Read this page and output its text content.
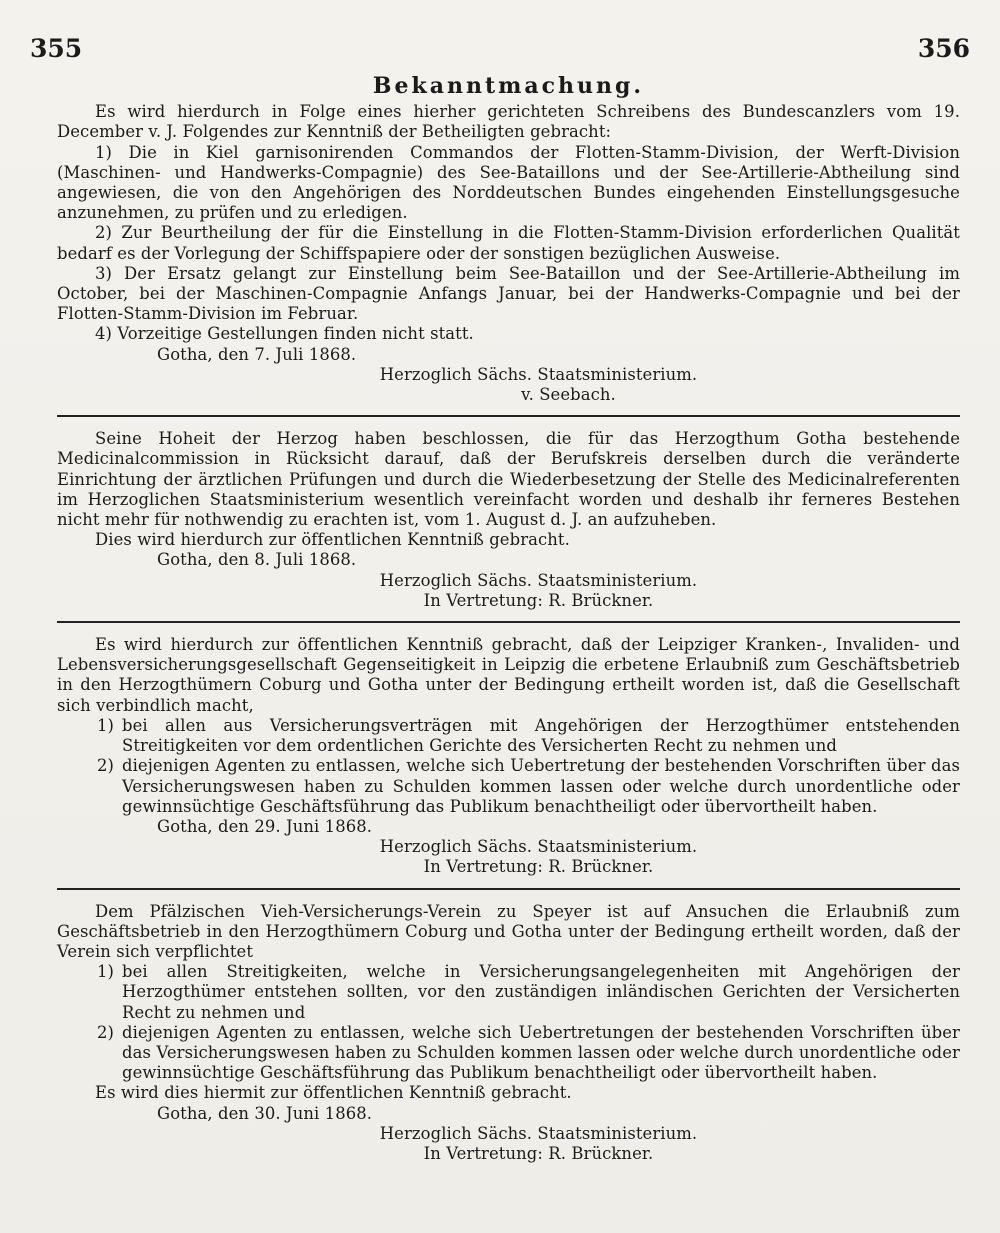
355	356
Bekanntmachung.

Es wird hierdurch in Folge eines hierher gerichteten Schreibens des Bundescanzlers vom 19. December v. J. Folgendes zur Kenntniß der Betheiligten gebracht:

1) Die in Kiel garnisonirenden Commandos der Flotten-Stamm-Division, der Werft-Division (Maschinen- und Handwerks-Compagnie) des See-Bataillons und der See-Artillerie-Abtheilung sind angewiesen, die von den Angehörigen des Norddeutschen Bundes eingehenden Einstellungsgesuche anzunehmen, zu prüfen und zu erledigen.

2) Zur Beurtheilung der für die Einstellung in die Flotten-Stamm-Division erforderlichen Qualität bedarf es der Vorlegung der Schiffspapiere oder der sonstigen bezüglichen Ausweise.

3) Der Ersatz gelangt zur Einstellung beim See-Bataillon und der See-Artillerie-Abtheilung im October, bei der Maschinen-Compagnie Anfangs Januar, bei der Handwerks-Compagnie und bei der Flotten-Stamm-Division im Februar.

4) Vorzeitige Gestellungen finden nicht statt.

Gotha, den 7. Juli 1868.

Herzoglich Sächs. Staatsministerium.

v. Seebach.

Seine Hoheit der Herzog haben beschlossen, die für das Herzogthum Gotha bestehende Medicinalcommission in Rücksicht darauf, daß der Berufskreis derselben durch die veränderte Einrichtung der ärztlichen Prüfungen und durch die Wiederbesetzung der Stelle des Medicinalreferenten im Herzoglichen Staatsministerium wesentlich vereinfacht worden und deshalb ihr ferneres Bestehen nicht mehr für nothwendig zu erachten ist, vom 1. August d. J. an aufzuheben.

Dies wird hierdurch zur öffentlichen Kenntniß gebracht.

Gotha, den 8. Juli 1868.

Herzoglich Sächs. Staatsministerium.

In Vertretung: R. Brückner.

Es wird hierdurch zur öffentlichen Kenntniß gebracht, daß der Leipziger Kranken-, Invaliden- und Lebensversicherungsgesellschaft Gegenseitigkeit in Leipzig die erbetene Erlaubniß zum Geschäftsbetrieb in den Herzogthümern Coburg und Gotha unter der Bedingung ertheilt worden ist, daß die Gesellschaft sich verbindlich macht,

1) bei allen aus Versicherungsverträgen mit Angehörigen der Herzogthümer entstehenden Streitigkeiten vor dem ordentlichen Gerichte des Versicherten Recht zu nehmen und
2) diejenigen Agenten zu entlassen, welche sich Uebertretung der bestehenden Vorschriften über das Versicherungswesen haben zu Schulden kommen lassen oder welche durch unordentliche oder gewinnsüchtige Geschäftsführung das Publikum benachtheiligt oder übervortheilt haben.

Gotha, den 29. Juni 1868.

Herzoglich Sächs. Staatsministerium.

In Vertretung: R. Brückner.

Dem Pfälzischen Vieh-Versicherungs-Verein zu Speyer ist auf Ansuchen die Erlaubniß zum Geschäftsbetrieb in den Herzogthümern Coburg und Gotha unter der Bedingung ertheilt worden, daß der Verein sich verpflichtet

1) bei allen Streitigkeiten, welche in Versicherungsangelegenheiten mit Angehörigen der Herzogthümer entstehen sollten, vor den zuständigen inländischen Gerichten der Versicherten Recht zu nehmen und
2) diejenigen Agenten zu entlassen, welche sich Uebertretungen der bestehenden Vorschriften über das Versicherungswesen haben zu Schulden kommen lassen oder welche durch unordentliche oder gewinnsüchtige Geschäftsführung das Publikum benachtheiligt oder übervortheilt haben.

Es wird dies hiermit zur öffentlichen Kenntniß gebracht.

Gotha, den 30. Juni 1868.

Herzoglich Sächs. Staatsministerium.

In Vertretung: R. Brückner.
